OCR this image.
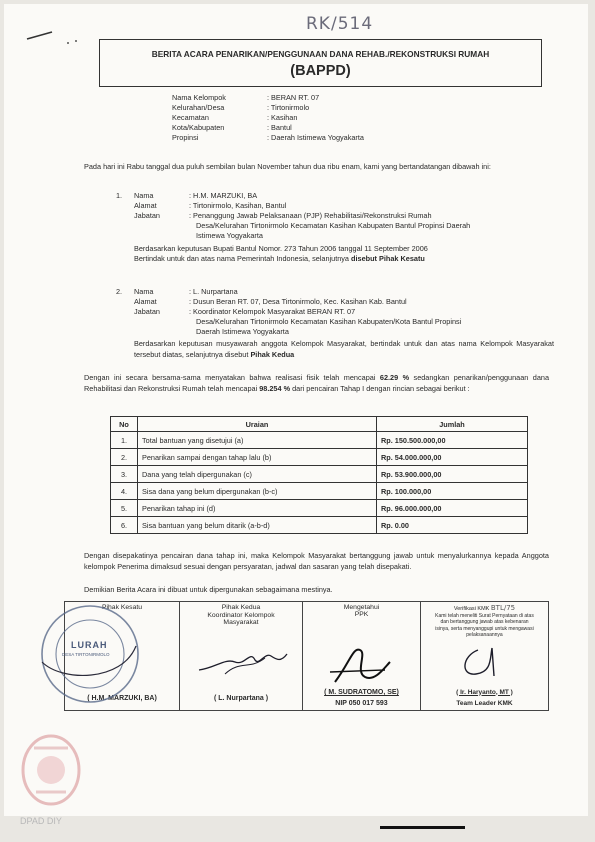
RK/514
BERITA ACARA PENARIKAN/PENGGUNAAN DANA REHAB./REKONSTRUKSI RUMAH
(BAPPD)
Nama Kelompok	: BERAN RT. 07
Kelurahan/Desa	: Tirtonirmolo
Kecamatan	: Kasihan
Kota/Kabupaten	: Bantul
Propinsi	: Daerah Istimewa Yogyakarta
Pada hari ini Rabu tanggal dua puluh sembilan bulan November tahun dua ribu enam, kami yang bertandatangan dibawah ini:
1. Nama	: H.M. MARZUKI, BA
Alamat	: Tirtonirmolo, Kasihan, Bantul
Jabatan	: Penanggung Jawab Pelaksanaan (PJP) Rehabilitasi/Rekonstruksi Rumah
Desa/Kelurahan Tirtonirmolo Kecamatan Kasihan Kabupaten Bantul Propinsi Daerah
Istimewa Yogyakarta
Berdasarkan keputusan Bupati Bantul Nomor. 273 Tahun 2006 tanggal 11 September 2006
Bertindak untuk dan atas nama Pemerintah Indonesia, selanjutnya disebut Pihak Kesatu
2. Nama	: L. Nurpartana
Alamat	: Dusun Beran RT. 07, Desa Tirtonirmolo, Kec. Kasihan Kab. Bantul
Jabatan	: Koordinator Kelompok Masyarakat BERAN RT. 07
Desa/Kelurahan Tirtonirmolo Kecamatan Kasihan Kabupaten/Kota Bantul Propinsi
Daerah Istimewa Yogyakarta
Berdasarkan keputusan musyawarah anggota Kelompok Masyarakat, bertindak untuk dan atas nama Kelompok Masyarakat tersebut diatas, selanjutnya disebut Pihak Kedua
Dengan ini secara bersama-sama menyatakan bahwa realisasi fisik telah mencapai 62.29 % sedangkan penarikan/penggunaan dana Rehabilitasi dan Rekonstruksi Rumah telah mencapai 98.254 % dari pencairan Tahap I dengan rincian sebagai berikut :
No	Uraian	Jumlah
1.	Total bantuan yang disetujui (a)	Rp. 150.500.000,00
2.	Penarikan sampai dengan tahap lalu (b)	Rp. 54.000.000,00
3.	Dana yang telah dipergunakan (c)	Rp. 53.900.000,00
4.	Sisa dana yang belum dipergunakan (b-c)	Rp. 100.000,00
5.	Penarikan tahap ini (d)	Rp. 96.000.000,00
6.	Sisa bantuan yang belum ditarik (a-b-d)	Rp. 0.00
Dengan disepakatinya pencairan dana tahap ini, maka Kelompok Masyarakat bertanggung jawab untuk menyalurkannya kepada Anggota kelompok Penerima dimaksud sesuai dengan persyaratan, jadwal dan sasaran yang telah disepakati.
Demikian Berita Acara ini dibuat untuk dipergunakan sebagaimana mestinya.
Pihak Kesatu
( H.M. MARZUKI, BA)
Pihak Kedua
Koordinator Kelompok Masyarakat
( L. Nurpartana )
Mengetahui
PPK
( M. SUDRATOMO, SE)
NIP 050 017 593
Verifikasi KMK BTL/75
Kami telah meneliti Surat Pernyataan di atas dan bertanggung jawab atas kebenaran isinya, serta menyanggupi untuk mengawasi pelaksanaannya
( Ir. Haryanto, MT )
Team Leader KMK
LURAH
DESA TIRTONIRMOLO
DPAD DIY
